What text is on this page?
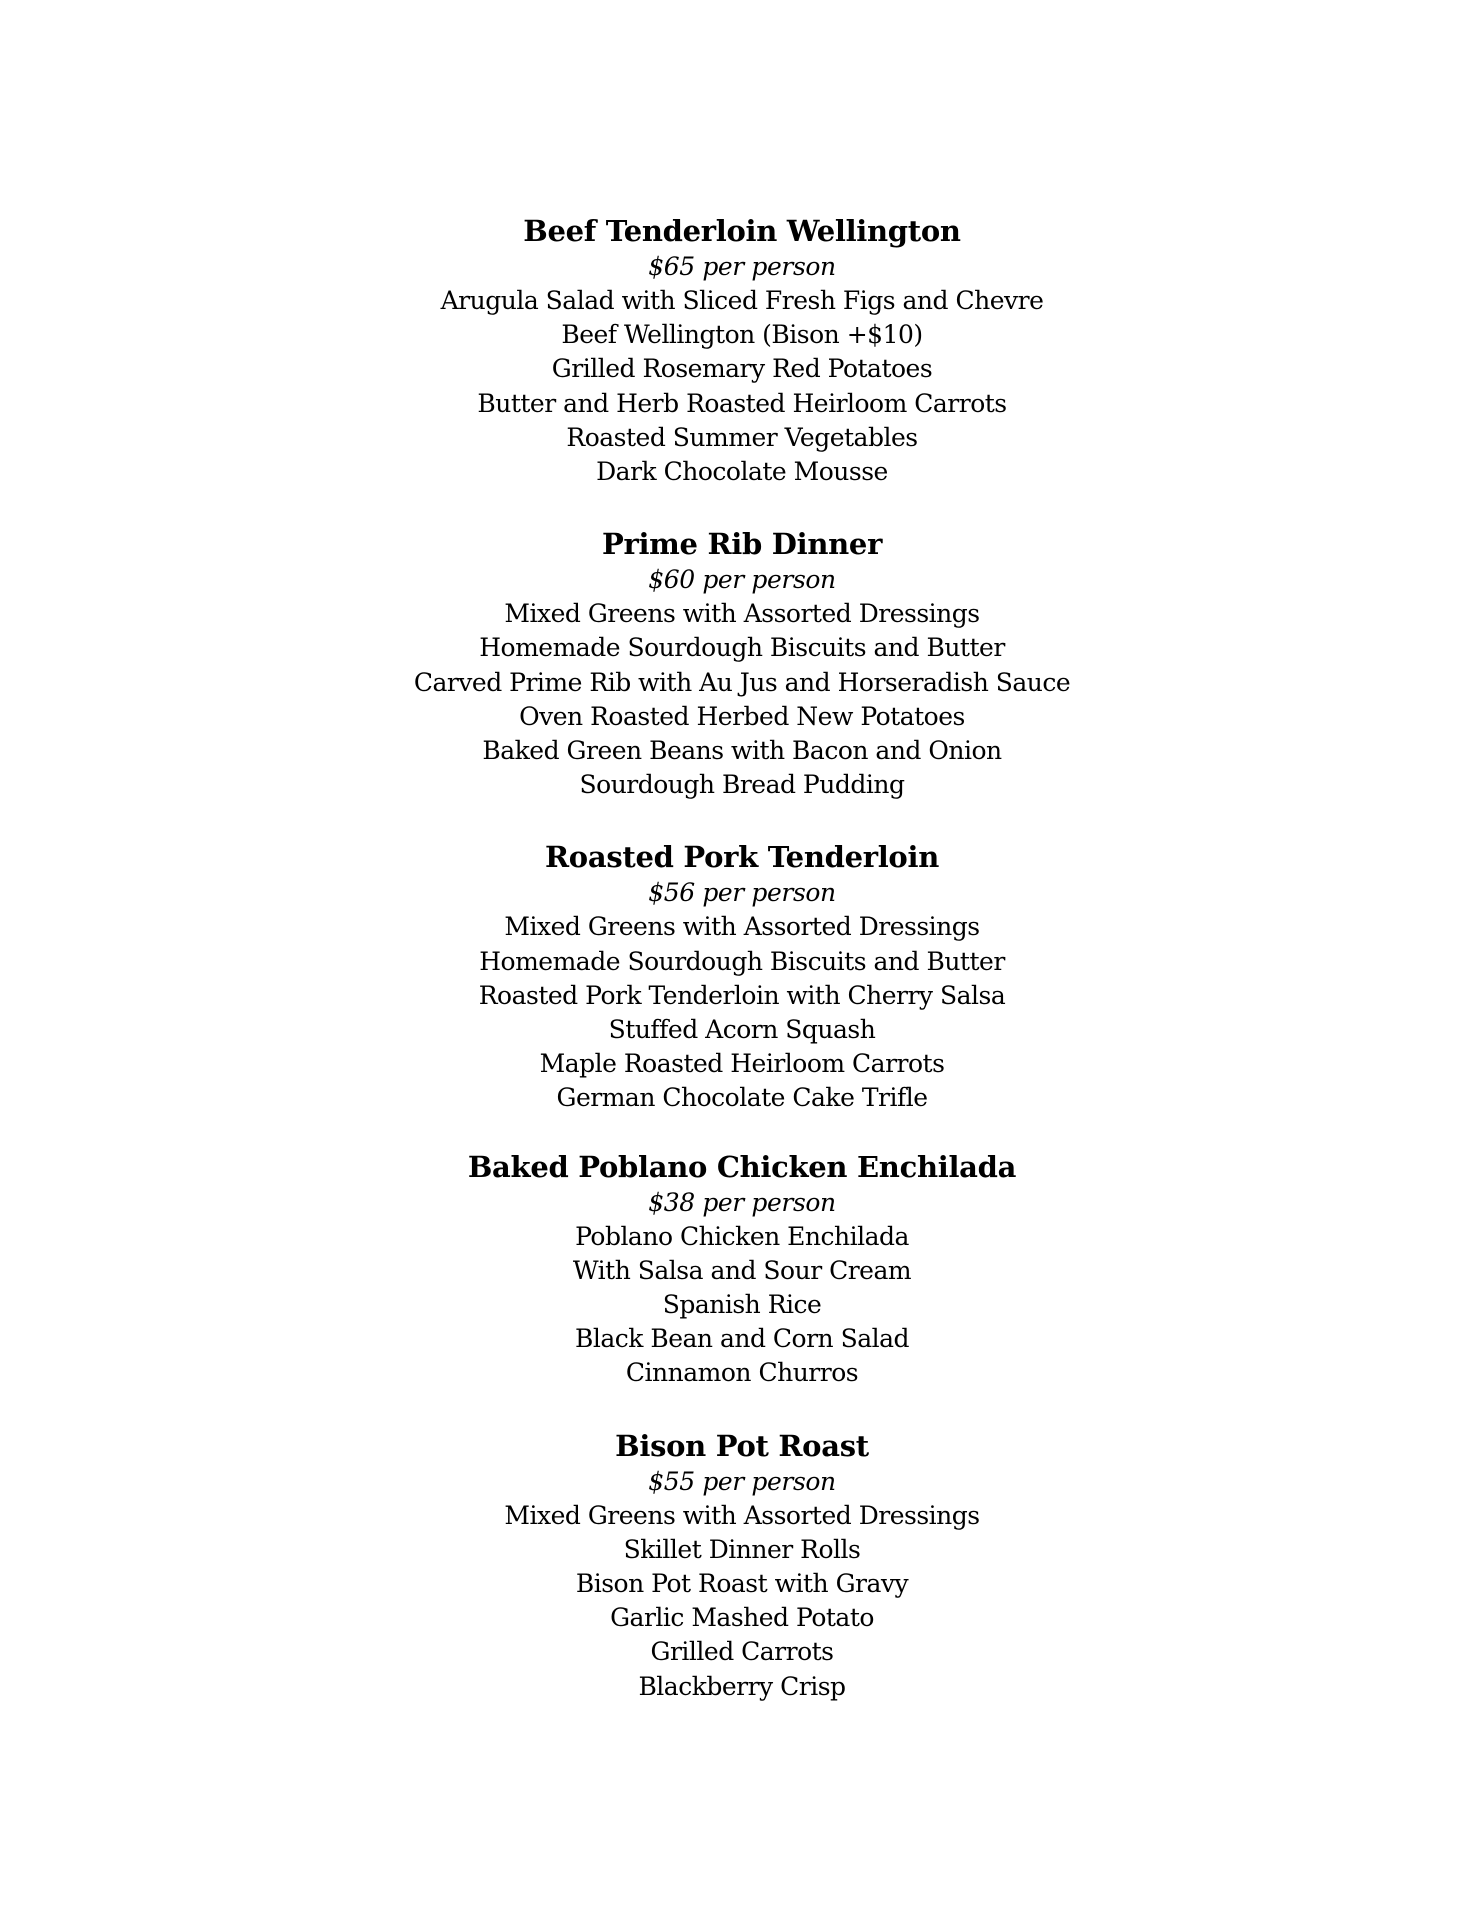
Beef Tenderloin Wellington

$65 per person

Arugula Salad with Sliced Fresh Figs and Chevre
Beef Wellington (Bison +$10)
Grilled Rosemary Red Potatoes
Butter and Herb Roasted Heirloom Carrots
Roasted Summer Vegetables
Dark Chocolate Mousse
Prime Rib Dinner

$60 per person

Mixed Greens with Assorted Dressings
Homemade Sourdough Biscuits and Butter
Carved Prime Rib with Au Jus and Horseradish Sauce
Oven Roasted Herbed New Potatoes
Baked Green Beans with Bacon and Onion
Sourdough Bread Pudding
Roasted Pork Tenderloin

$56 per person

Mixed Greens with Assorted Dressings
Homemade Sourdough Biscuits and Butter
Roasted Pork Tenderloin with Cherry Salsa
Stuffed Acorn Squash
Maple Roasted Heirloom Carrots
German Chocolate Cake Trifle
Baked Poblano Chicken Enchilada

$38 per person

Poblano Chicken Enchilada
With Salsa and Sour Cream
Spanish Rice
Black Bean and Corn Salad
Cinnamon Churros
Bison Pot Roast

$55 per person

Mixed Greens with Assorted Dressings
Skillet Dinner Rolls
Bison Pot Roast with Gravy
Garlic Mashed Potato
Grilled Carrots
Blackberry Crisp
